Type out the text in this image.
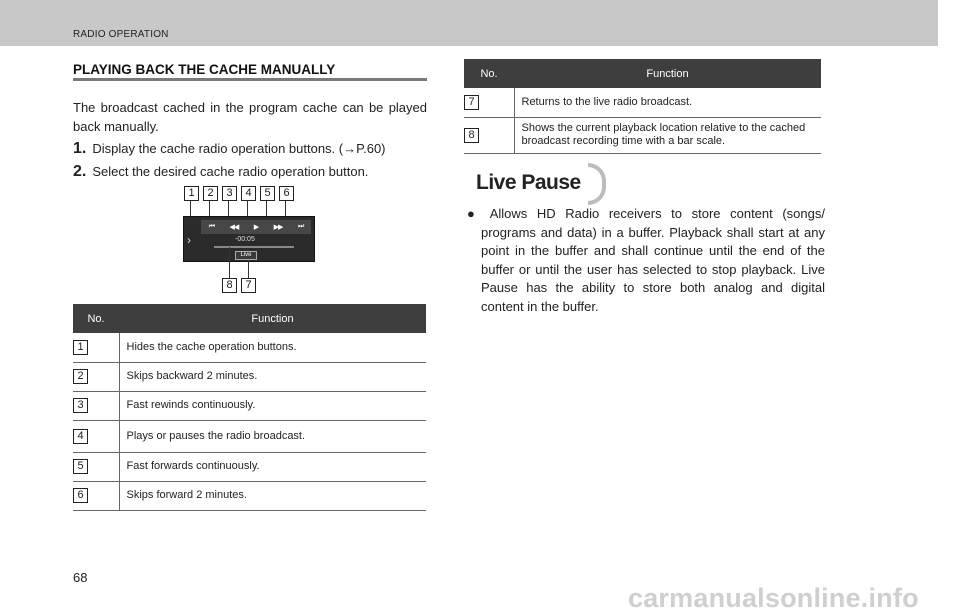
RADIO OPERATION
PLAYING BACK THE CACHE MANUALLY
The broadcast cached in the program cache can be played back manually.
1. Display the cache radio operation buttons. (→P.60)
2. Select the desired cache radio operation button.
1	2	3	4	5	6
›
⏮ ◀◀ ▶ ▶▶ ⏭
-00:05
Live
8	7
No.	Function

1	Hides the cache operation buttons.

2	Skips backward 2 minutes.

3	Fast rewinds continuously.

4	Plays or pauses the radio broadcast.

5	Fast forwards continuously.

6	Skips forward 2 minutes.
No.	Function

7	Returns to the live radio broadcast.

8	Shows the current playback location relative to the cached broadcast recording time with a bar scale.
Live Pause
● Allows HD Radio receivers to store content (songs/ programs and data) in a buffer. Playback shall start at any point in the buffer and shall continue until the end of the buffer or until the user has selected to stop playback. Live Pause has the ability to store both analog and digital content in the buffer.
68
carmanualsonline.info
